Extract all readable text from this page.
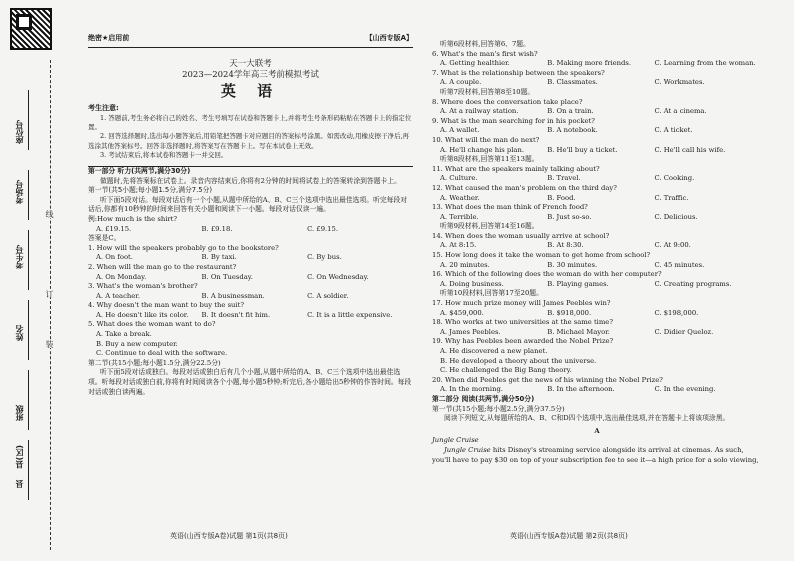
座位号
考场号
考生号
姓名
班级
县(区)
县
线
订
装
绝密★启用前	【山西专版A】
天一大联考
2023—2024学年高三考前模拟考试
英 语
考生注意:

1. 答题前,考生务必将自己的姓名、考生号填写在试卷和答题卡上,并将考生号条形码粘贴在答题卡上的指定位置。

2. 回答选择题时,选出每小题答案后,用铅笔把答题卡对应题目的答案标号涂黑。如需改动,用橡皮擦干净后,再选涂其他答案标号。回答非选择题时,将答案写在答题卡上。写在本试卷上无效。

3. 考试结束后,将本试卷和答题卡一并交回。

第一部分 听力(共两节,满分30分)
做题时,先将答案标在试卷上。录音内容结束后,你将有2分钟的时间将试卷上的答案转涂到答题卡上。
第一节(共5小题;每小题1.5分,满分7.5分)
听下面5段对话。每段对话后有一个小题,从题中所给的A、B、C三个选项中选出最佳选项。听完每段对话后,你都有10秒钟的时间来回答有关小题和阅读下一小题。每段对话仅读一遍。
例:How much is the shirt?
A. £19.15.	B. £9.18.	C. £9.15.
答案是C。
1. How will the speakers probably go to the bookstore?
A. On foot.	B. By taxi.	C. By bus.
2. When will the man go to the restaurant?
A. On Monday.	B. On Tuesday.	C. On Wednesday.
3. What's the woman's brother?
A. A teacher.	B. A businessman.	C. A soldier.
4. Why doesn't the man want to buy the suit?
A. He doesn't like its color.	B. It doesn't fit him.	C. It is a little expensive.
5. What does the woman want to do?
A. Take a break.
B. Buy a new computer.
C. Continue to deal with the software.
第二节(共15小题;每小题1.5分,满分22.5分)
听下面5段对话或独白。每段对话或独白后有几个小题,从题中所给的A、B、C三个选项中选出最佳选项。听每段对话或独白前,你将有时间阅读各个小题,每小题5秒钟;听完后,各小题给出5秒钟的作答时间。每段对话或独白读两遍。
英语(山西专版A卷)试题 第1页(共8页)
听第6段材料,回答第6、7题。
6. What's the man's first wish?
A. Getting healthier.	B. Making more friends.	C. Learning from the woman.
7. What is the relationship between the speakers?
A. A couple.	B. Classmates.	C. Workmates.
听第7段材料,回答第8至10题。
8. Where does the conversation take place?
A. At a railway station.	B. On a train.	C. At a cinema.
9. What is the man searching for in his pocket?
A. A wallet.	B. A notebook.	C. A ticket.
10. What will the man do next?
A. He'll change his plan.	B. He'll buy a ticket.	C. He'll call his wife.
听第8段材料,回答第11至13题。
11. What are the speakers mainly talking about?
A. Culture.	B. Travel.	C. Cooking.
12. What caused the man's problem on the third day?
A. Weather.	B. Food.	C. Traffic.
13. What does the man think of French food?
A. Terrible.	B. Just so-so.	C. Delicious.
听第9段材料,回答第14至16题。
14. When does the woman usually arrive at school?
A. At 8:15.	B. At 8:30.	C. At 9:00.
15. How long does it take the woman to get home from school?
A. 20 minutes.	B. 30 minutes.	C. 45 minutes.
16. Which of the following does the woman do with her computer?
A. Doing business.	B. Playing games.	C. Creating programs.
听第10段材料,回答第17至20题。
17. How much prize money will James Peebles win?
A. $459,000.	B. $918,000.	C. $198,000.
18. Who works at two universities at the same time?
A. James Peebles.	B. Michael Mayor.	C. Didier Queloz.
19. Why has Peebles been awarded the Nobel Prize?
A. He discovered a new planet.
B. He developed a theory about the universe.
C. He challenged the Big Bang theory.
20. When did Peebles get the news of his winning the Nobel Prize?
A. In the morning.	B. In the afternoon.	C. In the evening.
第二部分 阅读(共两节,满分50分)
第一节(共15小题;每小题2.5分,满分37.5分)
阅读下列短文,从每题所给的A、B、C和D四个选项中,选出最佳选项,并在答题卡上将该项涂黑。
A
Jungle Cruise
Jungle Cruise hits Disney's streaming service alongside its arrival at cinemas. As such, you'll have to pay $30 on top of your subscription fee to see it—a high price for a solo viewing,
英语(山西专版A卷)试题 第2页(共8页)
